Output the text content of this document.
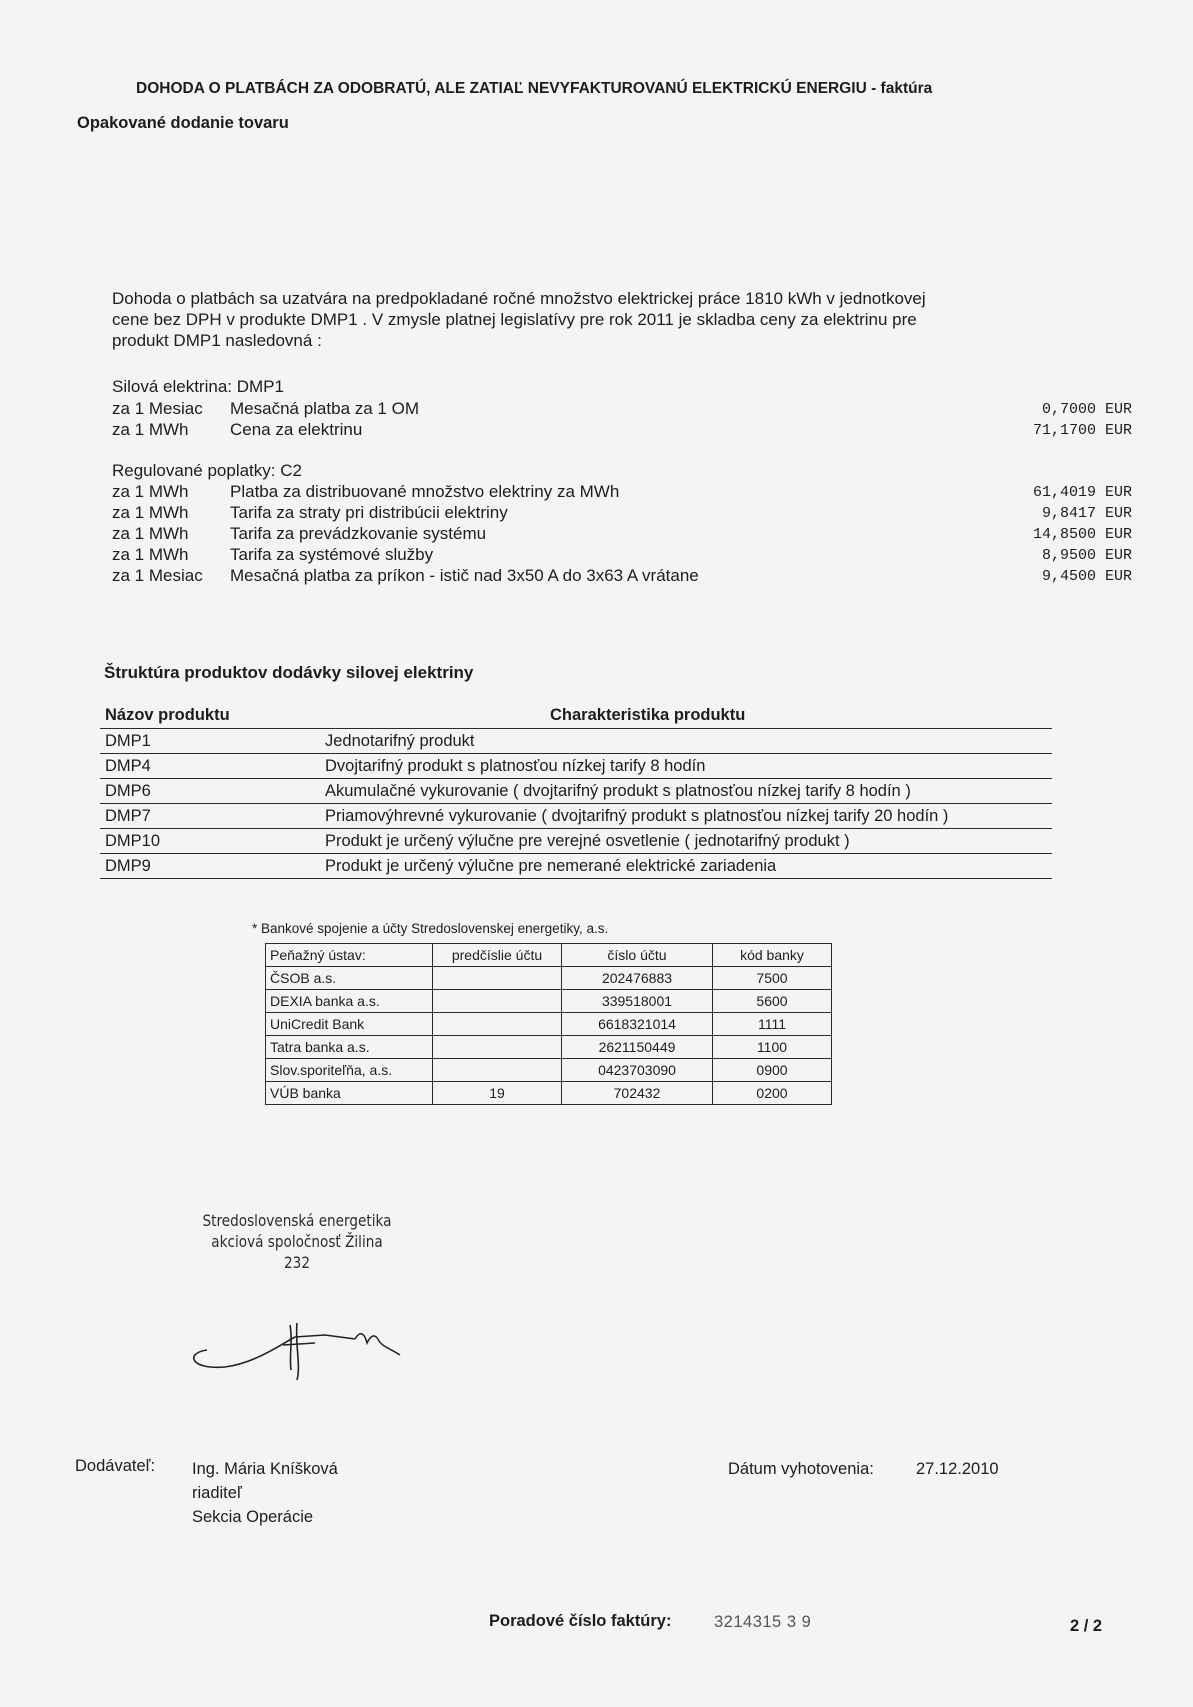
DOHODA O PLATBÁCH ZA ODOBRATÚ, ALE ZATIAĽ NEVYFAKTUROVANÚ ELEKTRICKÚ ENERGIU - faktúra
Opakované dodanie tovaru
Dohoda o platbách sa uzatvára na predpokladané ročné množstvo elektrickej práce 1810 kWh v jednotkovej
cene bez DPH v produkte DMP1 . V zmysle platnej legislatívy pre rok 2011 je skladba ceny za elektrinu pre
produkt DMP1 nasledovná :
Silová elektrina: DMP1
za 1 Mesiac Mesačná platba za 1 OM	0,7000 EUR
za 1 MWh Cena za elektrinu	71,1700 EUR
Regulované poplatky: C2
za 1 MWh Platba za distribuované množstvo elektriny za MWh	61,4019 EUR
za 1 MWh Tarifa za straty pri distribúcii elektriny	9,8417 EUR
za 1 MWh Tarifa za prevádzkovanie systému	14,8500 EUR
za 1 MWh Tarifa za systémové služby	8,9500 EUR
za 1 Mesiac Mesačná platba za príkon - istič nad 3x50 A do 3x63 A vrátane	9,4500 EUR
Štruktúra produktov dodávky silovej elektriny
Názov produktu	Charakteristika produktu
DMP1	Jednotarifný produkt
DMP4	Dvojtarifný produkt s platnosťou nízkej tarify 8 hodín
DMP6	Akumulačné vykurovanie ( dvojtarifný produkt s platnosťou nízkej tarify 8 hodín )
DMP7	Priamovýhrevné vykurovanie ( dvojtarifný produkt s platnosťou nízkej tarify 20 hodín )
DMP10	Produkt je určený výlučne pre verejné osvetlenie ( jednotarifný produkt )
DMP9	Produkt je určený výlučne pre nemerané elektrické zariadenia
* Bankové spojenie a účty Stredoslovenskej energetiky, a.s.
Peňažný ústav:	predčíslie účtu	číslo účtu	kód banky
ČSOB a.s.		202476883	7500
DEXIA banka a.s.		339518001	5600
UniCredit Bank		6618321014	1111
Tatra banka a.s.		2621150449	1100
Slov.sporiteľňa, a.s.		0423703090	0900
VÚB banka	19	702432	0200
Stredoslovenská energetika
akciová spoločnosť Žilina
232
Dodávateľ: Ing. Mária Kníšková
riaditeľ
Sekcia Operácie
Dátum vyhotovenia:	27.12.2010
Poradové číslo faktúry:	3214315 3 9	2 / 2
